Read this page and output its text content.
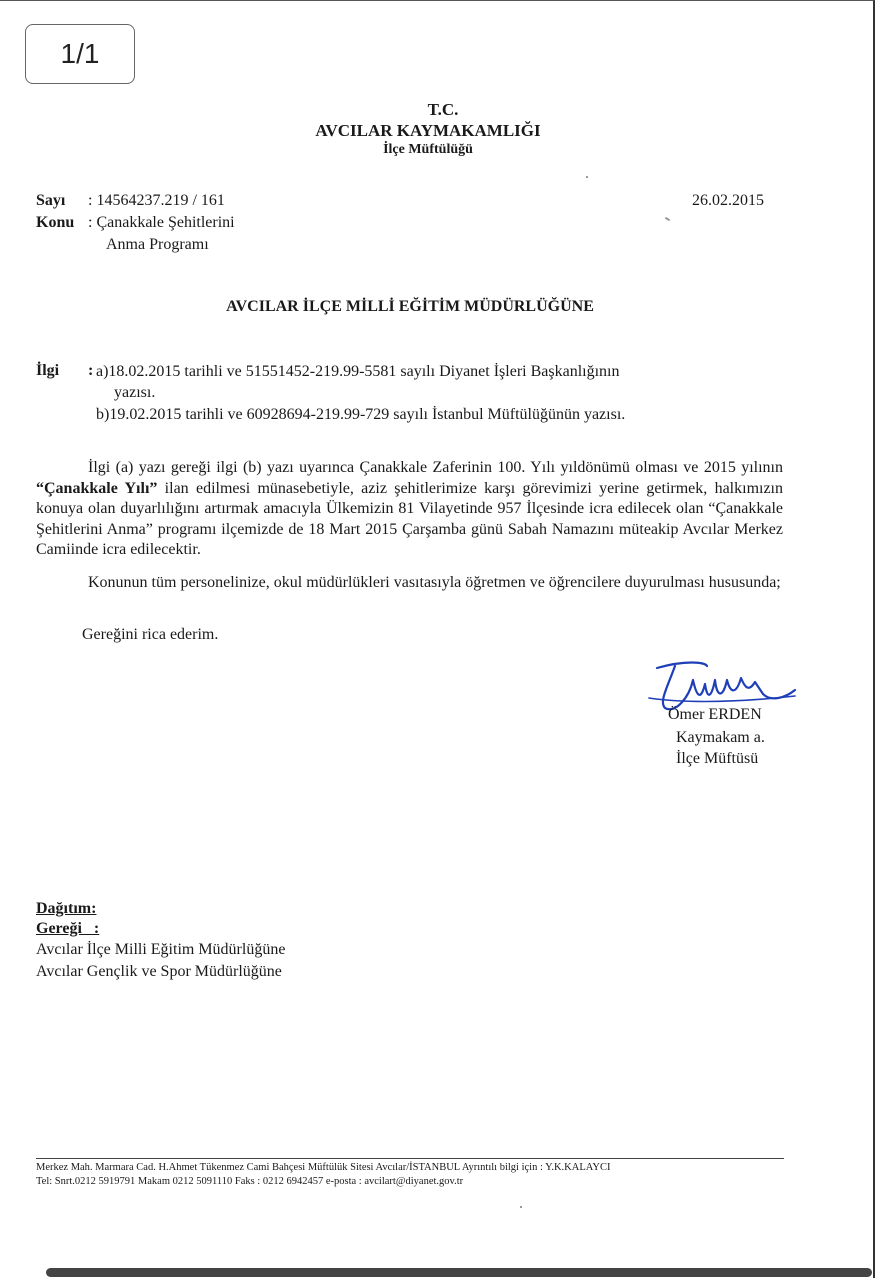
1/1
T.C.
AVCILAR KAYMAKAMLIĞI
İlçe Müftülüğü
Sayı : 14564237.219 / 161
Konu : Çanakkale Şehitlerini
Anma Programı
26.02.2015
AVCILAR İLÇE MİLLİ EĞİTİM MÜDÜRLÜĞÜNE
İlgi : a)18.02.2015 tarihli ve 51551452-219.99-5581 sayılı Diyanet İşleri Başkanlığının
yazısı.
b)19.02.2015 tarihli ve 60928694-219.99-729 sayılı İstanbul Müftülüğünün yazısı.
İlgi (a) yazı gereği ilgi (b) yazı uyarınca Çanakkale Zaferinin 100. Yılı yıldönümü olması ve 2015 yılının “Çanakkale Yılı” ilan edilmesi münasebetiyle, aziz şehitlerimize karşı görevimizi yerine getirmek, halkımızın konuya olan duyarlılığını artırmak amacıyla Ülkemizin 81 Vilayetinde 957 İlçesinde icra edilecek olan “Çanakkale Şehitlerini Anma” programı ilçemizde de 18 Mart 2015 Çarşamba günü Sabah Namazını müteakip Avcılar Merkez Camiinde icra edilecektir.
Konunun tüm personelinize, okul müdürlükleri vasıtasıyla öğretmen ve öğrencilere duyurulması hususunda;
Gereğini rica ederim.
Ömer ERDEN
Kaymakam a.
İlçe Müftüsü
Dağıtım:
Gereği   :
Avcılar İlçe Milli Eğitim Müdürlüğüne
Avcılar Gençlik ve Spor Müdürlüğüne
Merkez Mah. Marmara Cad. H.Ahmet Tükenmez Cami Bahçesi Müftülük Sitesi Avcılar/İSTANBUL Ayrıntılı bilgi için : Y.K.KALAYCI
Tel: Snrt.0212 5919791 Makam 0212 5091110 Faks : 0212 6942457 e-posta : avcilart@diyanet.gov.tr
